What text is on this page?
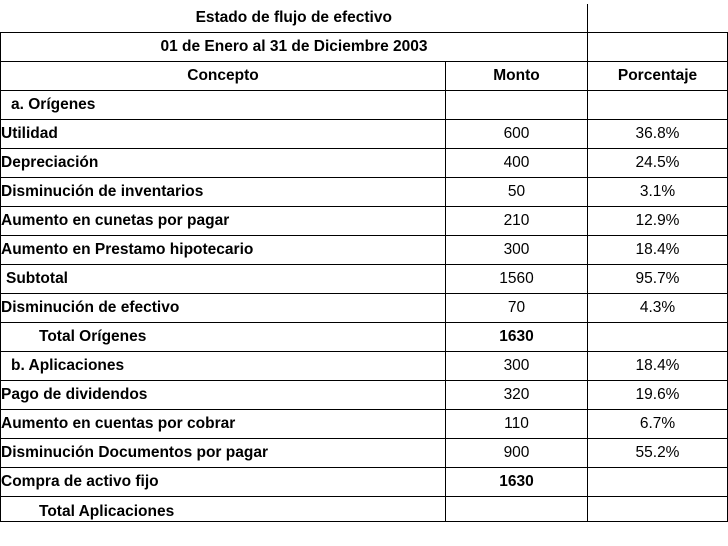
Estado de flujo de efectivo		
01 de Enero al 31 de Diciembre 2003		
Concepto	Monto	Porcentaje
a. Orígenes		
Utilidad	600	36.8%
Depreciación	400	24.5%
Disminución de inventarios	50	3.1%
Aumento en cunetas por pagar	210	12.9%
Aumento en Prestamo hipotecario	300	18.4%
Subtotal	1560	95.7%
Disminución de efectivo	70	4.3%
Total Orígenes	1630	
b. Aplicaciones	300	18.4%
Pago de dividendos	320	19.6%
Aumento en cuentas por cobrar	110	6.7%
Disminución Documentos por pagar	900	55.2%
Compra de activo fijo	1630	
Total Aplicaciones		
